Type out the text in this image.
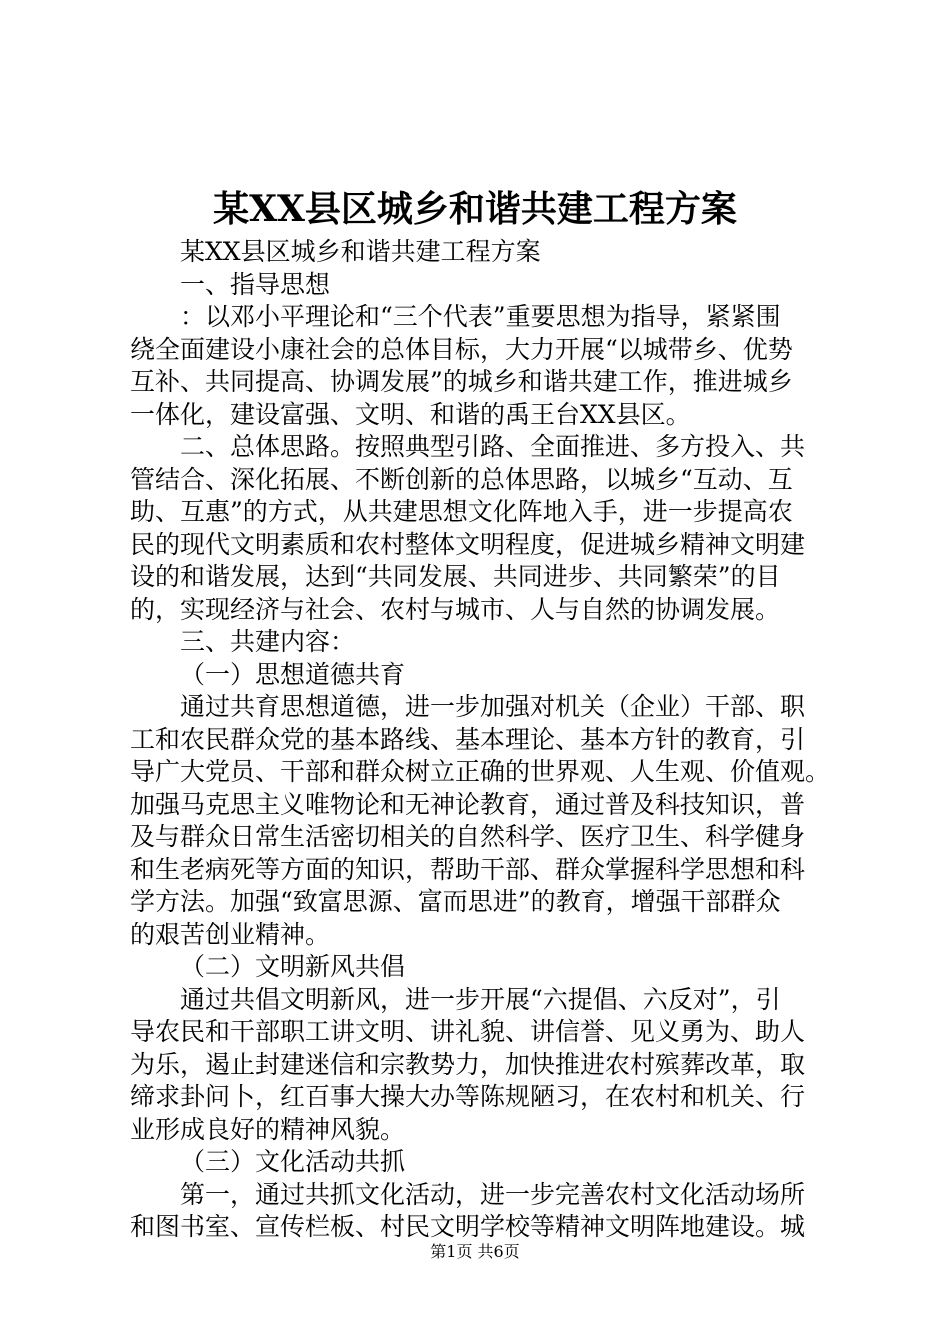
某XX县区城乡和谐共建工程方案
某XX县区城乡和谐共建工程方案
一、指导思想
：以邓小平理论和“三个代表”重要思想为指导，紧紧围
绕全面建设小康社会的总体目标，大力开展“以城带乡、优势
互补、共同提高、协调发展”的城乡和谐共建工作，推进城乡
一体化，建设富强、文明、和谐的禹王台XX县区。
二、总体思路。按照典型引路、全面推进、多方投入、共
管结合、深化拓展、不断创新的总体思路，以城乡“互动、互
助、互惠”的方式，从共建思想文化阵地入手，进一步提高农
民的现代文明素质和农村整体文明程度，促进城乡精神文明建
设的和谐发展，达到“共同发展、共同进步、共同繁荣”的目
的，实现经济与社会、农村与城市、人与自然的协调发展。
三、共建内容：
（一）思想道德共育
通过共育思想道德，进一步加强对机关（企业）干部、职
工和农民群众党的基本路线、基本理论、基本方针的教育，引
导广大党员、干部和群众树立正确的世界观、人生观、价值观。
加强马克思主义唯物论和无神论教育，通过普及科技知识，普
及与群众日常生活密切相关的自然科学、医疗卫生、科学健身
和生老病死等方面的知识，帮助干部、群众掌握科学思想和科
学方法。加强“致富思源、富而思进”的教育，增强干部群众
的艰苦创业精神。
（二）文明新风共倡
通过共倡文明新风，进一步开展“六提倡、六反对”，引
导农民和干部职工讲文明、讲礼貌、讲信誉、见义勇为、助人
为乐，遏止封建迷信和宗教势力，加快推进农村殡葬改革，取
缔求卦问卜，红百事大操大办等陈规陋习，在农村和机关、行
业形成良好的精神风貌。
（三）文化活动共抓
第一，通过共抓文化活动，进一步完善农村文化活动场所
和图书室、宣传栏板、村民文明学校等精神文明阵地建设。城
第1页 共6页
